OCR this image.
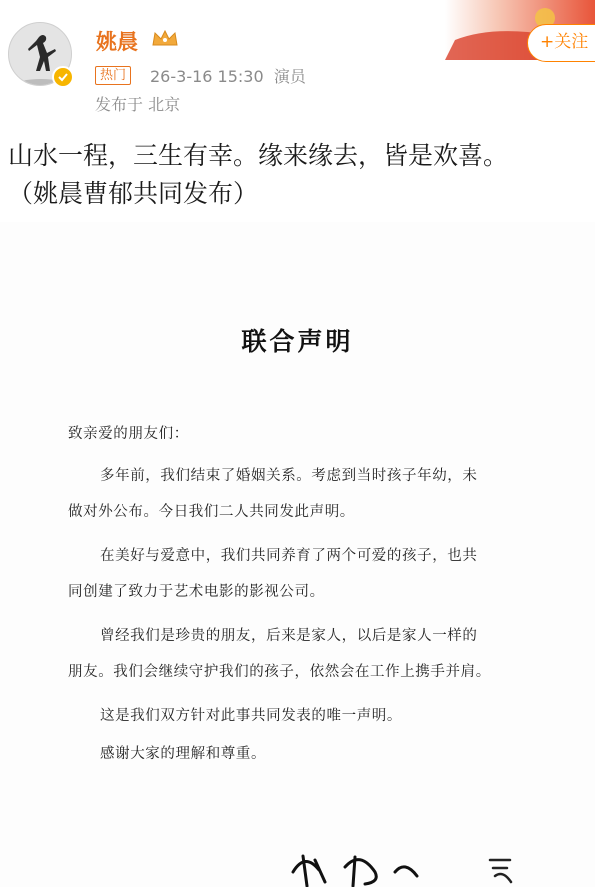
姚晨
热门	26-3-16 15:30 演员
发布于 北京
+关注

山水一程，三生有幸。缘来缘去，皆是欢喜。

（姚晨曹郁共同发布）

联合声明
致亲爱的朋友们：
多年前，我们结束了婚姻关系。考虑到当时孩子年幼，未
做对外公布。今日我们二人共同发此声明。
在美好与爱意中，我们共同养育了两个可爱的孩子，也共
同创建了致力于艺术电影的影视公司。
曾经我们是珍贵的朋友，后来是家人，以后是家人一样的
朋友。我们会继续守护我们的孩子，依然会在工作上携手并肩。
这是我们双方针对此事共同发表的唯一声明。
感谢大家的理解和尊重。
